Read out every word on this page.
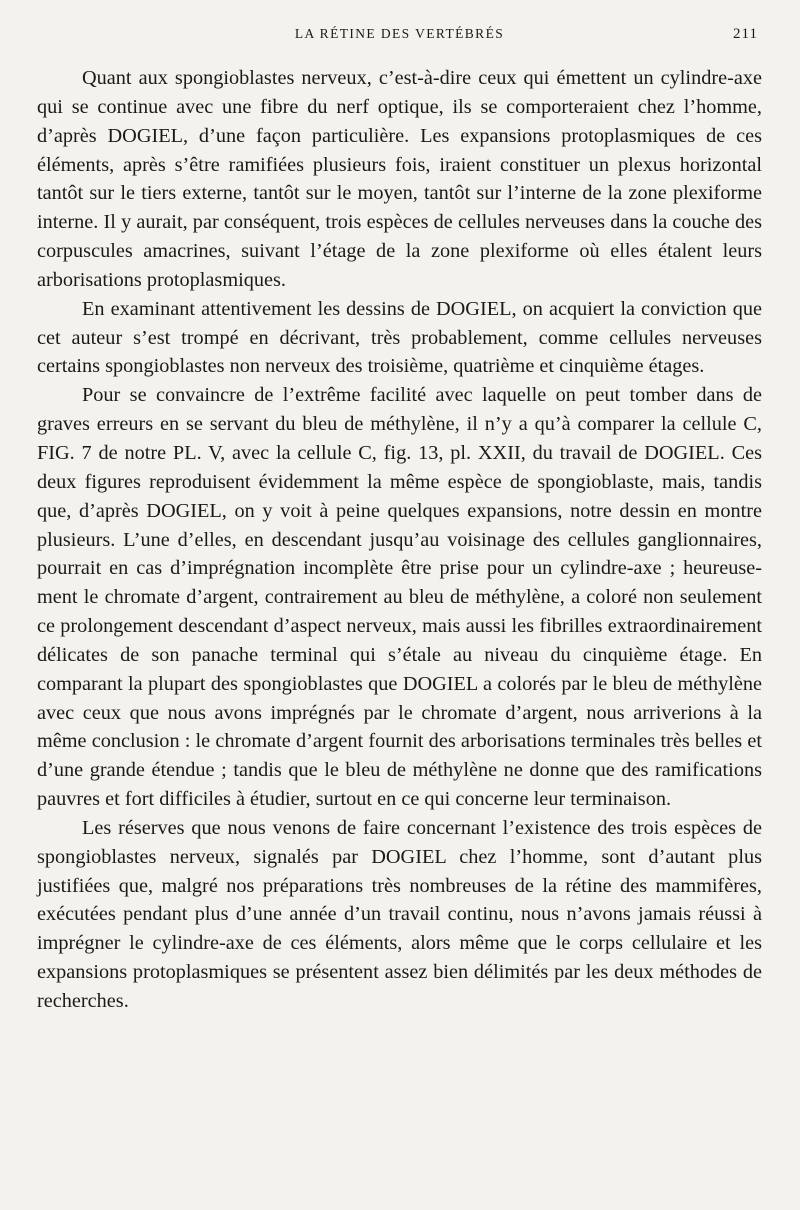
LA RÉTINE DES VERTÉBRÉS	211

Quant aux spongioblastes nerveux, c’est-à-dire ceux qui émettent un cylindre-axe qui se continue avec une fibre du nerf optique, ils se comporteraient chez l’homme, d’après DOGIEL, d’une façon particulière. Les expansions protoplasmiques de ces éléments, après s’être ramifiées plusieurs fois, iraient constituer un plexus horizontal tantôt sur le tiers externe, tantôt sur le moyen, tantôt sur l’interne de la zone plexiforme interne. Il y aurait, par conséquent, trois espèces de cellules nerveuses dans la couche des corpuscules amacrines, suivant l’étage de la zone plexiforme où elles étalent leurs arborisations protoplasmiques.

En examinant attentivement les dessins de DOGIEL, on acquiert la conviction que cet auteur s’est trompé en décrivant, très probablement, comme cellules nerveuses certains spongioblastes non nerveux des troisième, quatrième et cinquième étages.

Pour se convaincre de l’extrême facilité avec laquelle on peut tomber dans de graves erreurs en se servant du bleu de méthylène, il n’y a qu’à comparer la cellule C, FIG. 7 de notre PL. V, avec la cellule C, fig. 13, pl. XXII, du travail de DOGIEL. Ces deux figures reproduisent évidemment la même espèce de spongioblaste, mais, tandis que, d’après DOGIEL, on y voit à peine quelques expansions, notre dessin en montre plusieurs. L’une d’elles, en descendant jusqu’au voisinage des cellules ganglionnaires, pourrait en cas d’imprégnation incomplète être prise pour un cylindre-axe ; heureusement le chromate d’argent, contrairement au bleu de méthylène, a coloré non seulement ce prolongement descendant d’aspect nerveux, mais aussi les fibrilles extraordinairement délicates de son panache terminal qui s’étale au niveau du cinquième étage. En comparant la plupart des spongioblastes que DOGIEL a colorés par le bleu de méthylène avec ceux que nous avons imprégnés par le chromate d’argent, nous arriverions à la même conclusion : le chromate d’argent fournit des arborisations terminales très belles et d’une grande étendue ; tandis que le bleu de méthylène ne donne que des ramifications pauvres et fort difficiles à étudier, surtout en ce qui concerne leur terminaison.

Les réserves que nous venons de faire concernant l’existence des trois espèces de spongioblastes nerveux, signalés par DOGIEL chez l’homme, sont d’autant plus justifiées que, malgré nos préparations très nombreuses de la rétine des mammifères, exécutées pendant plus d’une année d’un travail continu, nous n’avons jamais réussi à imprégner le cylindre-axe de ces éléments, alors même que le corps cellulaire et les expansions protoplasmiques se présentent assez bien délimités par les deux méthodes de recherches.
